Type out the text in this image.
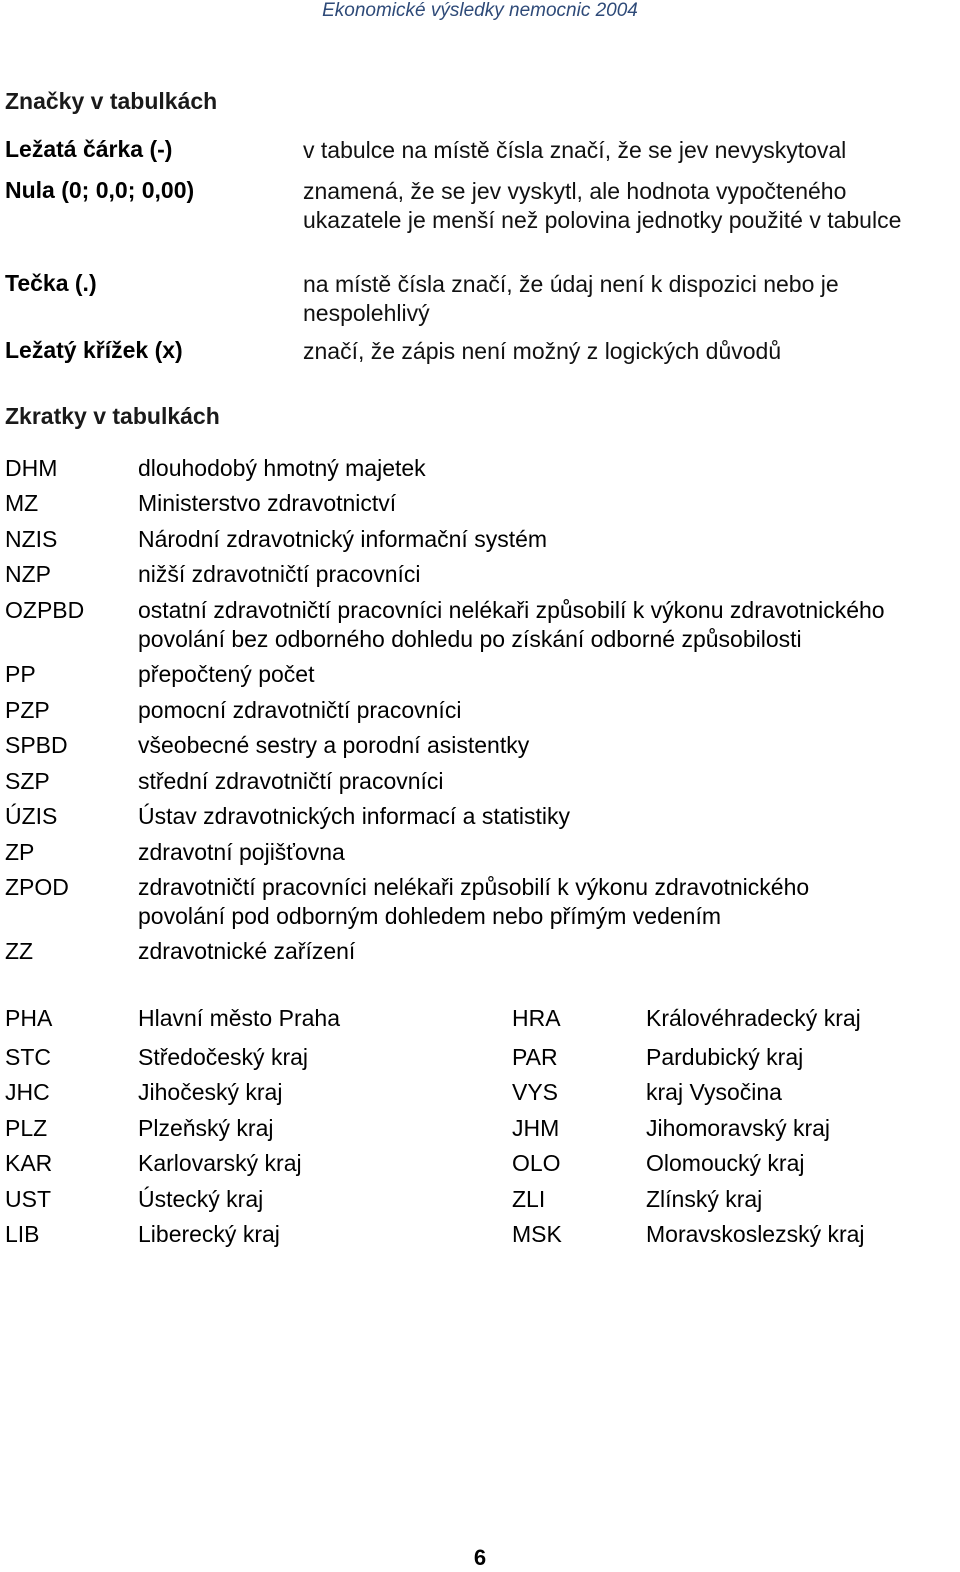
Ekonomické výsledky nemocnic 2004
Značky v tabulkách
Ležatá čárka (-)	v tabulce na místě čísla značí, že se jev nevyskytoval
Nula (0; 0,0; 0,00)	znamená, že se jev vyskytl, ale hodnota vypočteného ukazatele je menší než polovina jednotky použité v tabulce
Tečka (.)	na místě čísla značí, že údaj není k dispozici nebo je nespolehlivý
Ležatý křížek (x)	značí, že zápis není možný z logických důvodů
Zkratky v tabulkách
DHM	dlouhodobý hmotný majetek
MZ	Ministerstvo zdravotnictví
NZIS	Národní zdravotnický informační systém
NZP	nižší zdravotničtí pracovníci
OZPBD ostatní zdravotničtí pracovníci nelékaři způsobilí k výkonu zdravotnického povolání bez odborného dohledu po získání odborné způsobilosti
PP	přepočtený počet
PZP	pomocní zdravotničtí pracovníci
SPBD	všeobecné sestry a porodní asistentky
SZP	střední zdravotničtí pracovníci
ÚZIS	Ústav zdravotnických informací a statistiky
ZP	zdravotní pojišťovna
ZPOD	zdravotničtí pracovníci nelékaři způsobilí k výkonu zdravotnického povolání pod odborným dohledem nebo přímým vedením
ZZ	zdravotnické zařízení
PHA	Hlavní město Praha	HRA	Královéhradecký kraj
STC	Středočeský kraj	PAR	Pardubický kraj
JHC	Jihočeský kraj	VYS	kraj Vysočina
PLZ	Plzeňský kraj	JHM	Jihomoravský kraj
KAR	Karlovarský kraj	OLO	Olomoucký kraj
UST	Ústecký kraj	ZLI	Zlínský kraj
LIB	Liberecký kraj	MSK	Moravskoslezský kraj
6
